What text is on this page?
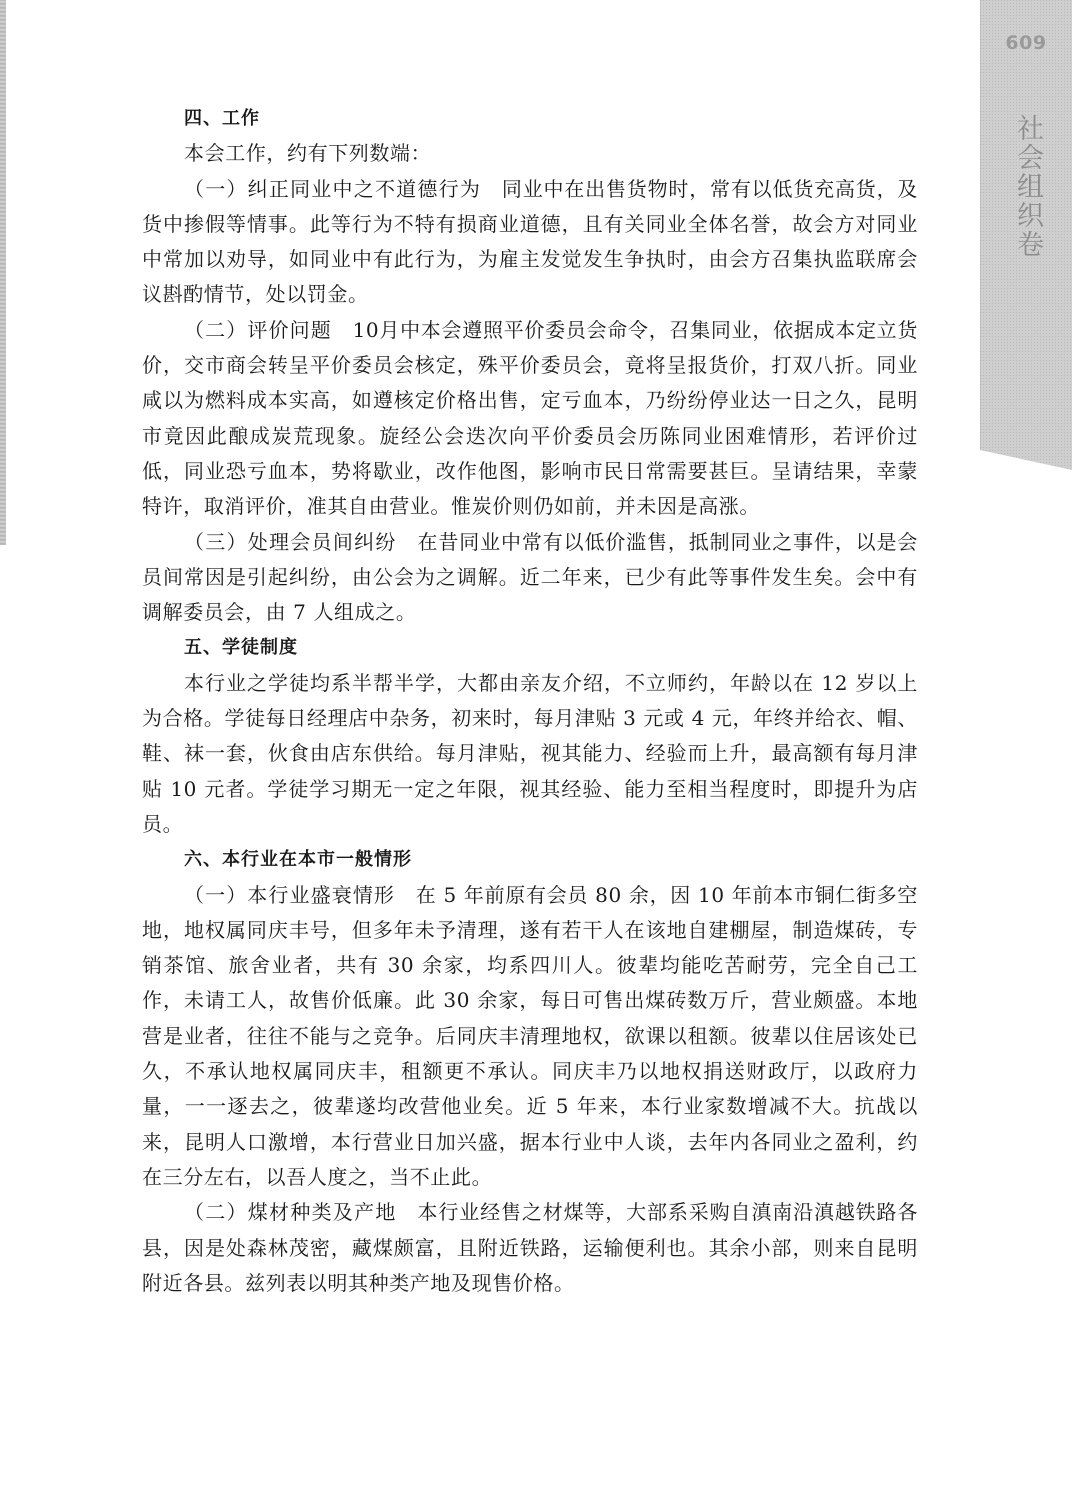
609
社会组织卷
四、工作

本会工作，约有下列数端：

（一）纠正同业中之不道德行为　 同业中在出售货物时，常有以低货充高货，及货中掺假等情事。此等行为不特有损商业道德，且有关同业全体名誉，故会方对同业中常加以劝导，如同业中有此行为，为雇主发觉发生争执时，由会方召集执监联席会议斟酌情节，处以罚金。

（二）评价问题　 10月中本会遵照平价委员会命令，召集同业，依据成本定立货价，交市商会转呈平价委员会核定，殊平价委员会，竟将呈报货价，打双八折。同业咸以为燃料成本实高，如遵核定价格出售，定亏血本，乃纷纷停业达一日之久，昆明市竟因此酿成炭荒现象。旋经公会迭次向平价委员会历陈同业困难情形，若评价过低，同业恐亏血本，势将歇业，改作他图，影响市民日常需要甚巨。呈请结果，幸蒙特许，取消评价，准其自由营业。惟炭价则仍如前，并未因是高涨。

（三）处理会员间纠纷　 在昔同业中常有以低价滥售，抵制同业之事件，以是会员间常因是引起纠纷，由公会为之调解。近二年来，已少有此等事件发生矣。会中有调解委员会，由 7 人组成之。

五、学徒制度

本行业之学徒均系半帮半学，大都由亲友介绍，不立师约，年龄以在 12 岁以上为合格。学徒每日经理店中杂务，初来时，每月津贴 3 元或 4 元，年终并给衣、帽、鞋、袜一套，伙食由店东供给。每月津贴，视其能力、经验而上升，最高额有每月津贴 10 元者。学徒学习期无一定之年限，视其经验、能力至相当程度时，即提升为店员。

六、本行业在本市一般情形

（一）本行业盛衰情形　 在 5 年前原有会员 80 余，因 10 年前本市铜仁街多空地，地权属同庆丰号，但多年未予清理，遂有若干人在该地自建棚屋，制造煤砖，专销茶馆、旅舍业者，共有 30 余家，均系四川人。彼辈均能吃苦耐劳，完全自己工作，未请工人，故售价低廉。此 30 余家，每日可售出煤砖数万斤，营业颇盛。本地营是业者，往往不能与之竞争。后同庆丰清理地权，欲课以租额。彼辈以住居该处已久，不承认地权属同庆丰，租额更不承认。同庆丰乃以地权捐送财政厅，以政府力量，一一逐去之，彼辈遂均改营他业矣。近 5 年来，本行业家数增减不大。抗战以来，昆明人口激增，本行营业日加兴盛，据本行业中人谈，去年内各同业之盈利，约在三分左右，以吾人度之，当不止此。

（二）煤材种类及产地　 本行业经售之材煤等，大部系采购自滇南沿滇越铁路各县，因是处森林茂密，藏煤颇富，且附近铁路，运输便利也。其余小部，则来自昆明附近各县。兹列表以明其种类产地及现售价格。
